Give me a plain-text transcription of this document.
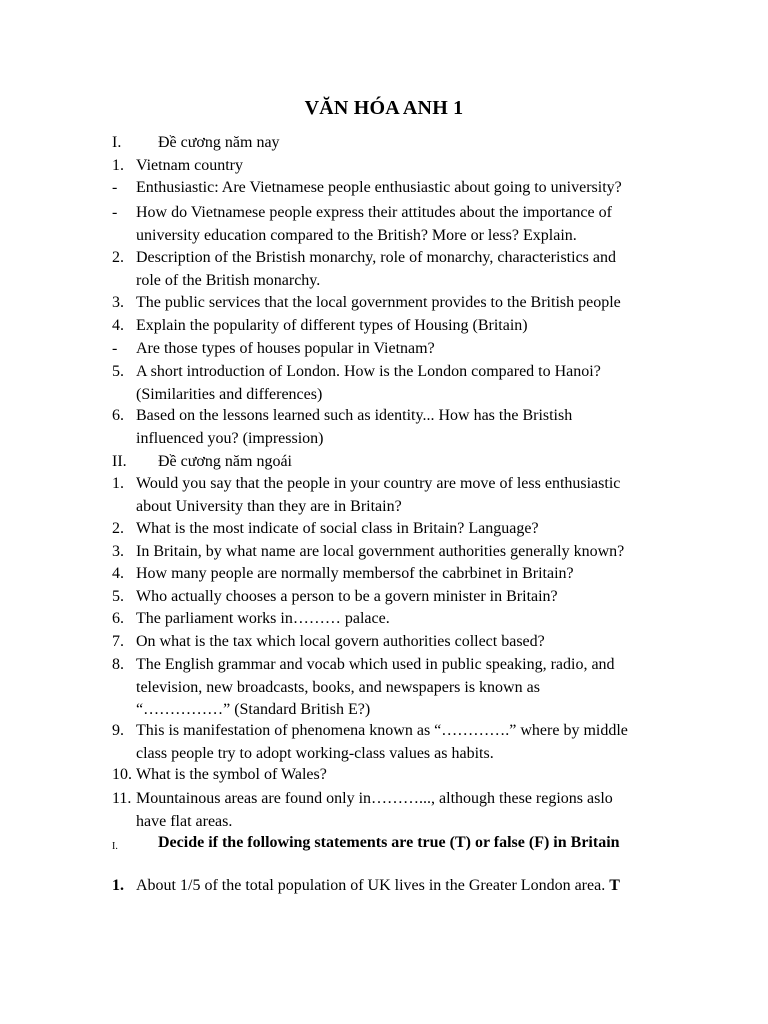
VĂN HÓA ANH 1
I. Đề cương năm nay
1. Vietnam country
- Enthusiastic: Are Vietnamese people enthusiastic about going to university?
- How do Vietnamese people express their attitudes about the importance of
university education compared to the British? More or less? Explain.
2. Description of the Bristish monarchy, role of monarchy, characteristics and
role of the British monarchy.
3. The public services that the local government provides to the British people
4. Explain the popularity of different types of Housing (Britain)
- Are those types of houses popular in Vietnam?
5. A short introduction of London. How is the London compared to Hanoi?
(Similarities and differences)
6. Based on the lessons learned such as identity... How has the Bristish
influenced you? (impression)
II. Đề cương năm ngoái
1. Would you say that the people in your country are move of less enthusiastic
about University than they are in Britain?
2. What is the most indicate of social class in Britain? Language?
3. In Britain, by what name are local government authorities generally known?
4. How many people are normally membersof the cabrbinet in Britain?
5. Who actually chooses a person to be a govern minister in Britain?
6. The parliament works in……… palace.
7. On what is the tax which local govern authorities collect based?
8. The English grammar and vocab which used in public speaking, radio, and
television, new broadcasts, books, and newspapers is known as
“……………” (Standard British E?)
9. This is manifestation of phenomena known as “………….” where by middle
class people try to adopt working-class values as habits.
10. What is the symbol of Wales?
11. Mountainous areas are found only in………..., although these regions aslo
have flat areas.
I.	Decide if the following statements are true (T) or false (F) in Britain
1. About 1/5 of the total population of UK lives in the Greater London area. T
